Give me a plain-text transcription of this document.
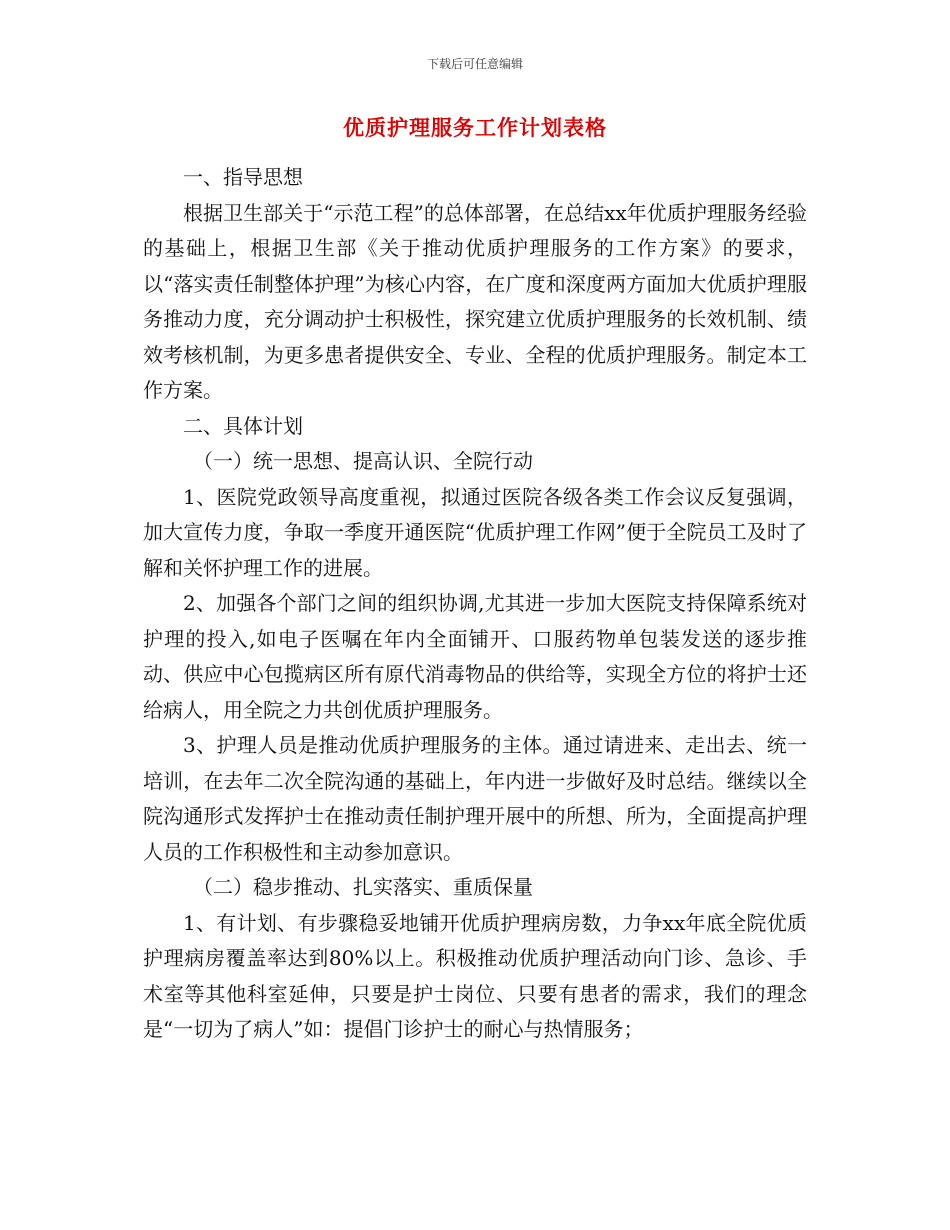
下载后可任意编辑
优质护理服务工作计划表格

一、指导思想

根据卫生部关于“示范工程”的总体部署，在总结xx年优质护理服务经验的基础上，根据卫生部《关于推动优质护理服务的工作方案》的要求，以“落实责任制整体护理”为核心内容，在广度和深度两方面加大优质护理服务推动力度，充分调动护士积极性，探究建立优质护理服务的长效机制、绩效考核机制，为更多患者提供安全、专业、全程的优质护理服务。制定本工作方案。

二、具体计划

（一）统一思想、提高认识、全院行动

1、医院党政领导高度重视，拟通过医院各级各类工作会议反复强调，加大宣传力度，争取一季度开通医院“优质护理工作网”便于全院员工及时了解和关怀护理工作的进展。

2、加强各个部门之间的组织协调,尤其进一步加大医院支持保障系统对护理的投入,如电子医嘱在年内全面铺开、口服药物单包装发送的逐步推动、供应中心包揽病区所有原代消毒物品的供给等，实现全方位的将护士还给病人，用全院之力共创优质护理服务。

3、护理人员是推动优质护理服务的主体。通过请进来、走出去、统一培训，在去年二次全院沟通的基础上，年内进一步做好及时总结。继续以全院沟通形式发挥护士在推动责任制护理开展中的所想、所为，全面提高护理人员的工作积极性和主动参加意识。

（二）稳步推动、扎实落实、重质保量

1、有计划、有步骤稳妥地铺开优质护理病房数，力争xx年底全院优质护理病房覆盖率达到80%以上。积极推动优质护理活动向门诊、急诊、手术室等其他科室延伸，只要是护士岗位、只要有患者的需求，我们的理念是“一切为了病人”如：提倡门诊护士的耐心与热情服务；
